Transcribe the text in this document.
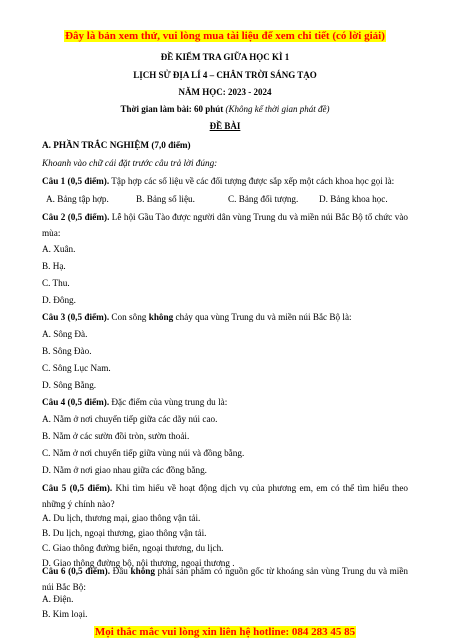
Đây là bản xem thử, vui lòng mua tài liệu để xem chi tiết (có lời giải)
ĐỀ KIỂM TRA GIỮA HỌC KÌ 1
LỊCH SỬ ĐỊA LÍ 4 – CHÂN TRỜI SÁNG TẠO
NĂM HỌC: 2023 - 2024
Thời gian làm bài: 60 phút (Không kể thời gian phát đề)
ĐỀ BÀI
A. PHẦN TRẮC NGHIỆM (7,0 điểm)
Khoanh vào chữ cái đặt trước câu trả lời đúng:
Câu 1 (0,5 điểm). Tập hợp các số liệu về các đối tượng được sắp xếp một cách khoa học gọi là:
A. Bảng tập hợp.	B. Bảng số liệu.	C. Bảng đối tượng. D. Bảng khoa học.
Câu 2 (0,5 điểm). Lễ hội Gầu Tào được người dân vùng Trung du và miền núi Bắc Bộ tổ chức vào mùa:
A. Xuân.
B. Hạ.
C. Thu.
D. Đông.
Câu 3 (0,5 điểm). Con sông không chảy qua vùng Trung du và miền núi Bắc Bộ là:
A. Sông Đà.
B. Sông Đào.
C. Sông Lục Nam.
D. Sông Bằng.
Câu 4 (0,5 điểm). Đặc điểm của vùng trung du là:
A. Nằm ở nơi chuyển tiếp giữa các dãy núi cao.
B. Nằm ở các sườn đồi tròn, sườn thoải.
C. Nằm ở nơi chuyển tiếp giữa vùng núi và đồng bằng.
D. Nằm ở nơi giao nhau giữa các đồng bằng.
Câu 5 (0,5 điểm). Khi tìm hiểu về hoạt động dịch vụ của phương em, em có thể tìm hiểu theo những ý chính nào?
A. Du lịch, thương mại, giao thông vận tải.
B. Du lịch, ngoại thương, giao thông vận tải.
C. Giao thông đường biển, ngoại thương, du lịch.
D. Giao thông đường bộ, nội thương, ngoại thương .
Câu 6 (0,5 điểm). Đâu không phải sản phẩm có nguồn gốc từ khoáng sản vùng Trung du và miền núi Bắc Bộ:
A. Điện.
B. Kim loại.
Mọi thắc mắc vui lòng xin liên hệ hotline: 084 283 45 85
